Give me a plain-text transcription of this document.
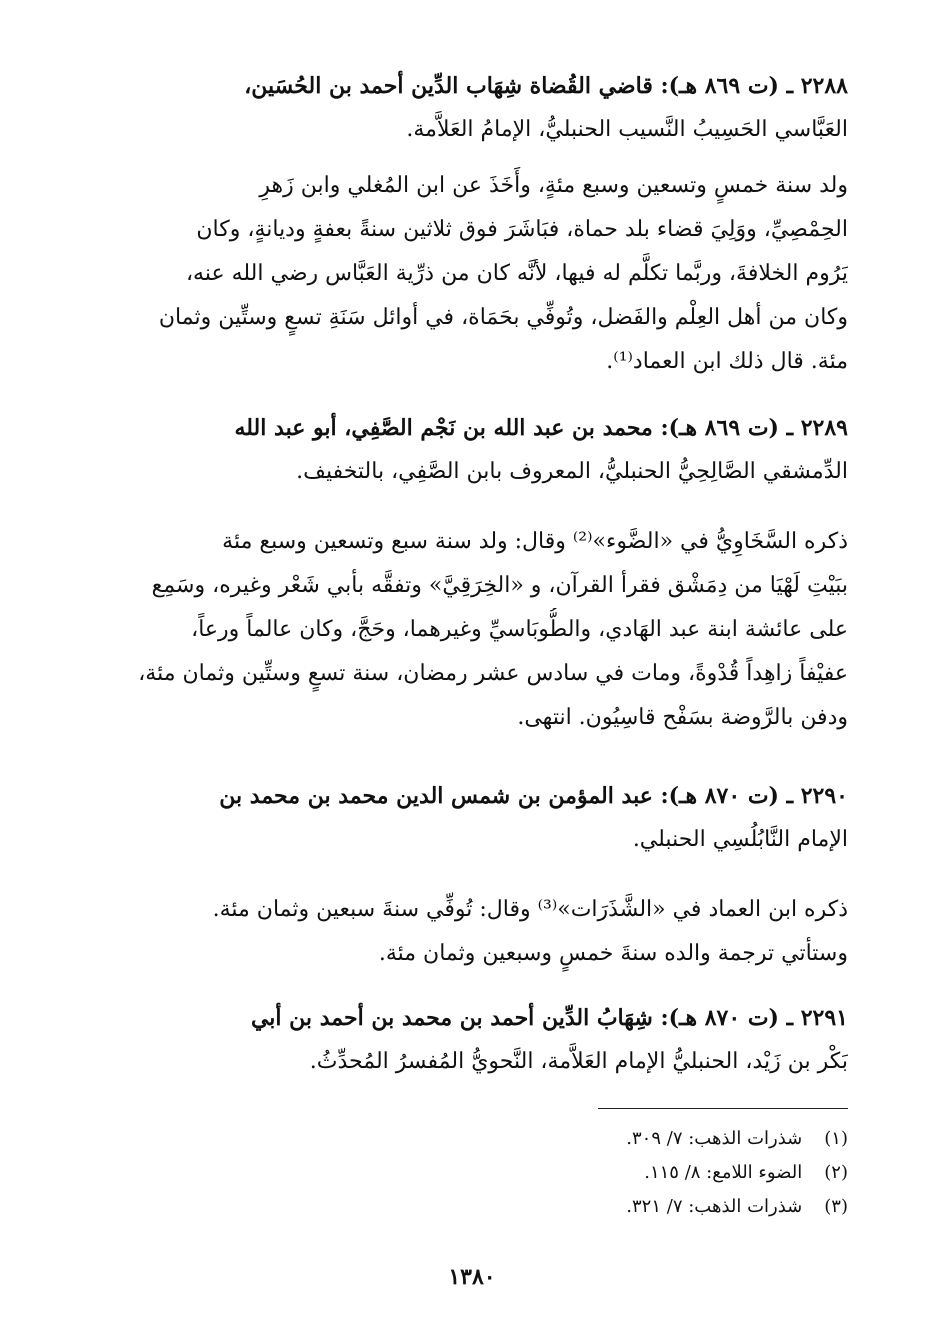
٢٢٨٨ ـ (ت ٨٦٩ هـ): قاضي القُضاة شِهَاب الدِّين أحمد بن الحُسَين،
العَبَّاسي الحَسِيبُ النَّسيب الحنبليُّ، الإمامُ العَلاَّمة.
ولد سنة خمسٍ وتسعين وسبع مئةٍ، وأَخَذَ عن ابن المُغلي وابن زَهرِ
الحِمْصِيِّ، ووَلِيَ قضاء بلد حماة، فبَاشَرَ فوق ثلاثين سنةً بعفةٍ وديانةٍ، وكان
يَرُوم الخلافةَ، وربَّما تكلَّم له فيها، لأنَّه كان من ذرِّية العَبَّاس رضي الله عنه،
وكان من أهل العِلْم والفَضل، وتُوفِّي بحَمَاة، في أوائل سَنَةِ تسعٍ وستِّين وثمان
مئة. قال ذلك ابن العماد⁽¹⁾.
٢٢٨٩ ـ (ت ٨٦٩ هـ): محمد بن عبد الله بن نَجْم الصَّفِي، أبو عبد الله
الدِّمشقي الصَّالِحِيُّ الحنبليُّ، المعروف بابن الصَّفِي، بالتخفيف.
ذكره السَّخَاوِيُّ في «الضَّوء»⁽²⁾ وقال: ولد سنة سبع وتسعين وسبع مئة
ببَيْتِ لَهْيَا من دِمَشْق فقرأ القرآن، و «الخِرَقِيَّ» وتفقَّه بأبي شَعْر وغيره، وسَمِع
على عائشة ابنة عبد الهَادي، والطُّوبَاسيِّ وغيرهما، وحَجَّ، وكان عالماً ورعاً،
عفيْفاً زاهِداً قُدْوةً، ومات في سادس عشر رمضان، سنة تسعٍ وستِّين وثمان مئة،
ودفن بالرَّوضة بسَفْح قاسِيُون. انتهى.
٢٢٩٠ ـ (ت ٨٧٠ هـ): عبد المؤمن بن شمس الدين محمد بن محمد بن
الإمام النَّابُلُسِي الحنبلي.
ذكره ابن العماد في «الشَّذَرَات»⁽³⁾ وقال: تُوفِّي سنةَ سبعين وثمان مئة.
وستأتي ترجمة والده سنةَ خمسٍ وسبعين وثمان مئة.
٢٢٩١ ـ (ت ٨٧٠ هـ): شِهَابُ الدِّين أحمد بن محمد بن أحمد بن أبي
بَكْر بن زَيْد، الحنبليُّ الإمام العَلاَّمة، النَّحويُّ المُفسرُ المُحدِّثُ.
(١) شذرات الذهب: ٧/ ٣٠٩.
(٢) الضوء اللامع: ٨/ ١١٥.
(٣) شذرات الذهب: ٧/ ٣٢١.
١٣٨٠
